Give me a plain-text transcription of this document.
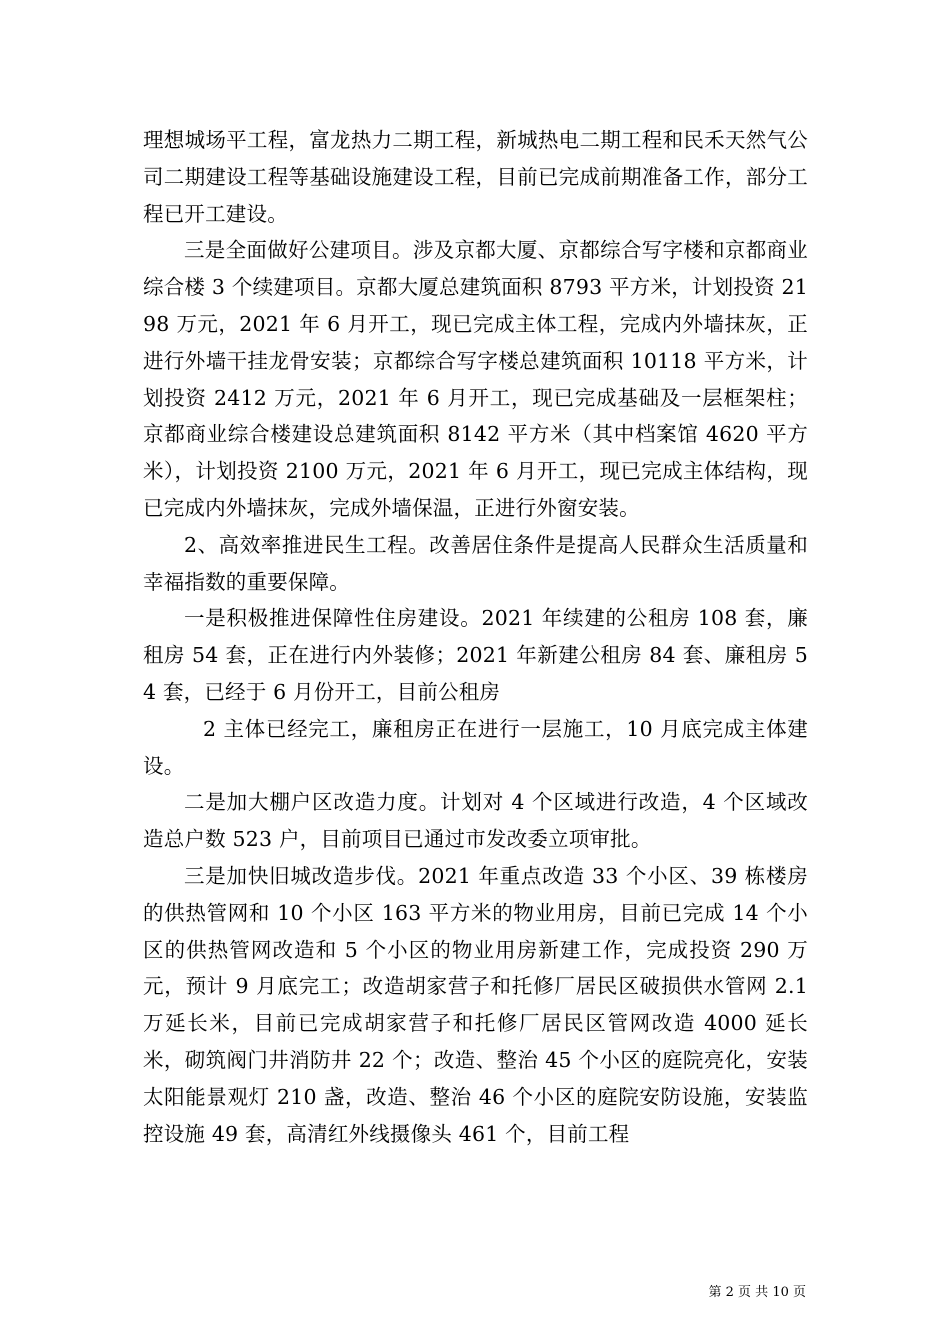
理想城场平工程，富龙热力二期工程，新城热电二期工程和民禾天然气公司二期建设工程等基础设施建设工程，目前已完成前期准备工作，部分工程已开工建设。

三是全面做好公建项目。涉及京都大厦、京都综合写字楼和京都商业综合楼 3 个续建项目。京都大厦总建筑面积 8793 平方米，计划投资 2198 万元，2021 年 6 月开工，现已完成主体工程，完成内外墙抹灰，正进行外墙干挂龙骨安装；京都综合写字楼总建筑面积 10118 平方米，计划投资 2412 万元，2021 年 6 月开工，现已完成基础及一层框架柱；京都商业综合楼建设总建筑面积 8142 平方米（其中档案馆 4620 平方米），计划投资 2100 万元，2021 年 6 月开工，现已完成主体结构，现已完成内外墙抹灰，完成外墙保温，正进行外窗安装。

2、高效率推进民生工程。改善居住条件是提高人民群众生活质量和幸福指数的重要保障。

一是积极推进保障性住房建设。2021 年续建的公租房 108 套，廉租房 54 套，正在进行内外装修；2021 年新建公租房 84 套、廉租房 54 套，已经于 6 月份开工，目前公租房

2 主体已经完工，廉租房正在进行一层施工，10 月底完成主体建设。

二是加大棚户区改造力度。计划对 4 个区域进行改造，4 个区域改造总户数 523 户，目前项目已通过市发改委立项审批。

三是加快旧城改造步伐。2021 年重点改造 33 个小区、39 栋楼房的供热管网和 10 个小区 163 平方米的物业用房，目前已完成 14 个小区的供热管网改造和 5 个小区的物业用房新建工作，完成投资 290 万元，预计 9 月底完工；改造胡家营子和托修厂居民区破损供水管网 2.1 万延长米，目前已完成胡家营子和托修厂居民区管网改造 4000 延长米，砌筑阀门井消防井 22 个；改造、整治 45 个小区的庭院亮化，安装太阳能景观灯 210 盏，改造、整治 46 个小区的庭院安防设施，安装监控设施 49 套，高清红外线摄像头 461 个，目前工程

第 2 页 共 10 页
